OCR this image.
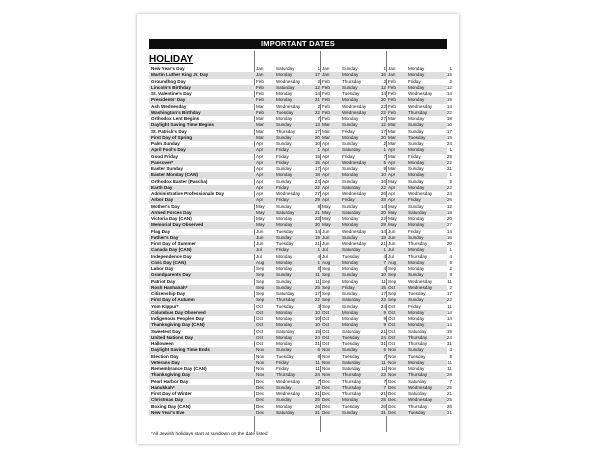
IMPORTANT DATES
HOLIDAY
New Year's Day	Jan	Saturday	1 Jan	Sunday	1 Jan	Monday	1
Martin Luther King Jr. Day	Jan	Monday	17 Jan	Monday	16 Jan	Monday	15
Groundhog Day	Feb	Wednesday	2 Feb	Thursday	2 Feb	Friday	2
Lincoln's Birthday	Feb	Saturday	12 Feb	Sunday	12 Feb	Monday	12
St. Valentine's Day	Feb	Monday	14 Feb	Tuesday	14 Feb	Wednesday	14
Presidents' Day	Feb	Monday	21 Feb	Monday	20 Feb	Monday	19
Ash Wednesday	Mar	Wednesday	2 Feb	Wednesday	22 Feb	Wednesday	14
Washington's Birthday	Feb	Tuesday	22 Feb	Wednesday	22 Feb	Thursday	22
Orthodox Lent Begins	Mar	Monday	7 Feb	Monday	27 Mar	Monday	18
Daylight Saving Time Begins	Mar	Sunday	13 Mar	Sunday	12 Mar	Sunday	10
St. Patrick's Day	Mar	Thursday	17 Mar	Friday	17 Mar	Sunday	17
First Day of Spring	Mar	Sunday	20 Mar	Monday	20 Mar	Tuesday	19
Palm Sunday	Apr	Sunday	10 Apr	Sunday	2 Mar	Sunday	24
April Fool's Day	Apr	Friday	1 Apr	Saturday	1 Apr	Monday	1
Good Friday	Apr	Friday	15 Apr	Friday	7 Mar	Friday	29
Passover*	Apr	Friday	15 Apr	Wednesday	5 Apr	Monday	22
Easter Sunday	Apr	Sunday	17 Apr	Sunday	9 Mar	Sunday	31
Easter Monday (CAN)	Apr	Monday	18 Apr	Monday	10 Apr	Monday	1
Orthodox Easter (Pascha)	Apr	Sunday	24 Apr	Sunday	16 May Sunday	5
Earth Day	Apr	Friday	22 Apr	Saturday	22 Apr	Monday	22
Administrative Professionals Day	Apr	Wednesday	27 Apr	Wednesday	26 Apr	Wednesday	24
Arbor Day	Apr	Friday	29 Apr	Friday	28 Apr	Friday	26
Mother's Day	May Sunday	8 May Sunday	14 May Sunday	12
Armed Forces Day	May Saturday	21 May Saturday	20 May Saturday	18
Victoria Day (CAN)	May Monday	23 May Monday	22 May Monday	20
Memorial Day Observed	May Monday	30 May Monday	29 May Monday	27
Flag Day	Jun	Tuesday	14 Jun	Wednesday	14 Jun	Friday	14
Father's Day	Jun	Sunday	19 Jun	Sunday	18 Jun	Sunday	16
First Day of Summer	Jun	Tuesday	21 Jun	Wednesday	21 Jun	Thursday	20
Canada Day (CAN)	Jul	Friday	1 Jul	Saturday	1 Jul	Monday	1
Independence Day	Jul	Monday	4 Jul	Tuesday	4 Jul	Thursday	4
Civic Day (CAN)	Aug	Monday	1 Aug	Monday	7 Aug	Monday	5
Labor Day	Sep	Monday	5 Sep	Monday	4 Sep	Monday	2
Grandparents Day	Sep	Sunday	11 Sep	Sunday	10 Sep	Sunday	8
Patriot Day	Sep	Sunday	11 Sep	Monday	11 Sep	Wednesday	11
Rosh Hashanah*	Sep	Sunday	25 Sep	Friday	15 Oct	Wednesday	2
Citizenship Day	Sep	Saturday	17 Sep	Sunday	17 Sep	Tuesday	17
First Day of Autumn	Sep	Thursday	22 Sep	Saturday	23 Sep	Sunday	22
Yom Kippur*	Oct	Tuesday	4 Sep	Sunday	24 Oct	Friday	11
Columbus Day Observed	Oct	Monday	10 Oct	Monday	9 Oct	Monday	14
Indigenous Peoples Day	Oct	Monday	10 Oct	Monday	9 Oct	Monday	14
Thanksgiving Day (CAN)	Oct	Monday	10 Oct	Monday	9 Oct	Monday	14
Sweetest Day	Oct	Saturday	15 Oct	Saturday	21 Oct	Saturday	19
United Nations Day	Oct	Monday	24 Oct	Tuesday	24 Oct	Thursday	24
Halloween	Oct	Monday	31 Oct	Tuesday	31 Oct	Thursday	31
Daylight Saving Time Ends	Nov	Sunday	6 Nov	Sunday	5 Nov	Sunday	3
Election Day	Nov	Tuesday	8 Nov	Tuesday	7 Nov	Tuesday	5
Veterans Day	Nov	Friday	11 Nov	Saturday	11 Nov	Monday	11
Remembrance Day (CAN)	Nov	Friday	11 Nov	Saturday	11 Nov	Monday	11
Thanksgiving Day	Nov	Thursday	24 Nov	Thursday	23 Nov	Thursday	28
Pearl Harbor Day	Dec	Wednesday	7 Dec	Thursday	7 Dec	Saturday	7
Hanukkah*	Dec	Sunday	18 Dec	Thursday	7 Dec	Wednesday	25
First Day of Winter	Dec	Wednesday	21 Dec	Thursday	21 Dec	Saturday	21
Christmas Day	Dec	Sunday	25 Dec	Monday	25 Dec	Wednesday	25
Boxing Day (CAN)	Dec	Monday	26 Dec	Tuesday	26 Dec	Thursday	26
New Year's Eve	Dec	Saturday	31 Dec	Sunday	31 Dec	Tuesday	31
*All Jewish holidays start at sundown on the date listed
